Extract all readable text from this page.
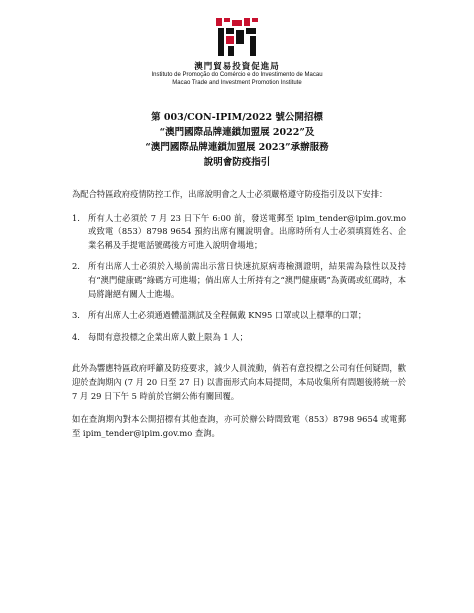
澳門貿易投資促進局
Instituto de Promoção do Comércio e do Investimento de Macau
Macao Trade and Investment Promotion Institute
第 003/CON-IPIM/2022 號公開招標
“澳門國際品牌連鎖加盟展 2022”及
“澳門國際品牌連鎖加盟展 2023”承辦服務
說明會防疫指引

為配合特區政府疫情防控工作，出席說明會之人士必須嚴格遵守防疫指引及以下安排：

1. 所有人士必須於 7 月 23 日下午 6:00 前，發送電郵至 ipim_tender@ipim.gov.mo 或致電（853）8798 9654 預約出席有關說明會。出席時所有人士必須填寫姓名、企業名稱及手提電話號碼後方可進入說明會場地；
2. 所有出席人士必須於入場前需出示當日快速抗原病毒檢測證明，結果需為陰性以及持有“澳門健康碼”綠碼方可進場；倘出席人士所持有之“澳門健康碼”為黃碼或紅碼時，本局將謝絕有關人士進場。
3. 所有出席人士必須通過體溫測試及全程佩戴 KN95 口罩或以上標準的口罩；
4. 每間有意投標之企業出席人數上限為 1 人；

此外為響應特區政府呼籲及防疫要求，減少人員流動，倘若有意投標之公司有任何疑問，歡迎於查詢期內 (7 月 20 日至 27 日) 以書面形式向本局提問，本局收集所有問題後將統一於 7 月 29 日下午 5 時前於官網公佈有關回覆。

如在查詢期內對本公開招標有其他查詢，亦可於辦公時間致電（853）8798 9654 或電郵至 ipim_tender@ipim.gov.mo 查詢。
